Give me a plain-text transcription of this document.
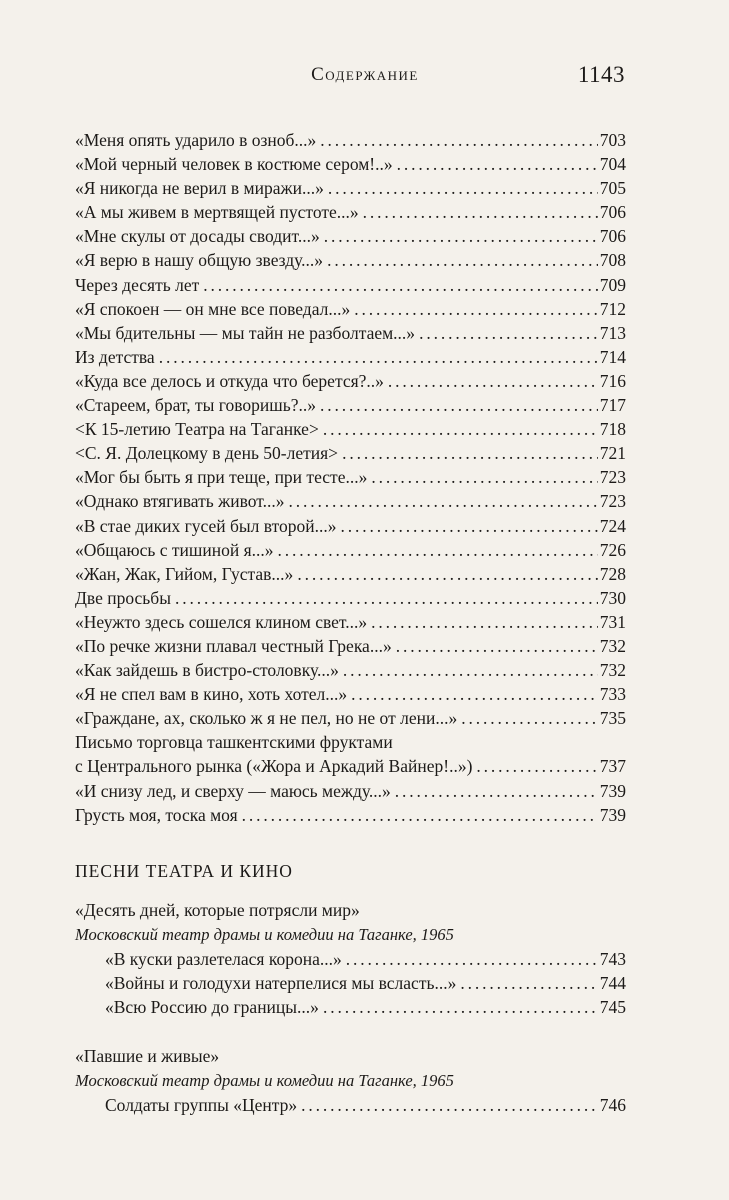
Содержание	1143
«Меня опять ударило в озноб...» . . .	703
«Мой черный человек в костюме сером!..» . . .	704
«Я никогда не верил в миражи...» . . .	705
«А мы живем в мертвящей пустоте...» . . .	706
«Мне скулы от досады сводит...» . . .	706
«Я верю в нашу общую звезду...» . . .	708
Через десять лет . . .	709
«Я спокоен — он мне все поведал...» . . .	712
«Мы бдительны — мы тайн не разболтаем...» . . .	713
Из детства . . .	714
«Куда все делось и откуда что берется?..» . . .	716
«Стареем, брат, ты говоришь?..» . . .	717
<К 15-летию Театра на Таганке> . . .	718
<С. Я. Долецкому в день 50-летия> . . .	721
«Мог бы быть я при теще, при тесте...» . . .	723
«Однако втягивать живот...» . . .	723
«В стае диких гусей был второй...» . . .	724
«Общаюсь с тишиной я...» . . .	726
«Жан, Жак, Гийом, Густав...» . . .	728
Две просьбы . . .	730
«Неужто здесь сошелся клином свет...» . . .	731
«По речке жизни плавал честный Грека...» . . .	732
«Как зайдешь в бистро-столовку...» . . .	732
«Я не спел вам в кино, хоть хотел...» . . .	733
«Граждане, ах, сколько ж я не пел, но не от лени...» . . .	735
Письмо торговца ташкентскими фруктами
с Центрального рынка («Жора и Аркадий Вайнер!..») . . .	737
«И снизу лед, и сверху — маюсь между...» . . .	739
Грусть моя, тоска моя . . .	739
ПЕСНИ ТЕАТРА И КИНО
«Десять дней, которые потрясли мир»
Московский театр драмы и комедии на Таганке, 1965
«В куски разлетелася корона...» . . .	743
«Войны и голодухи натерпелися мы всласть...» . . .	744
«Всю Россию до границы...» . . .	745
«Павшие и живые»
Московский театр драмы и комедии на Таганке, 1965
Солдаты группы «Центр» . . .	746
